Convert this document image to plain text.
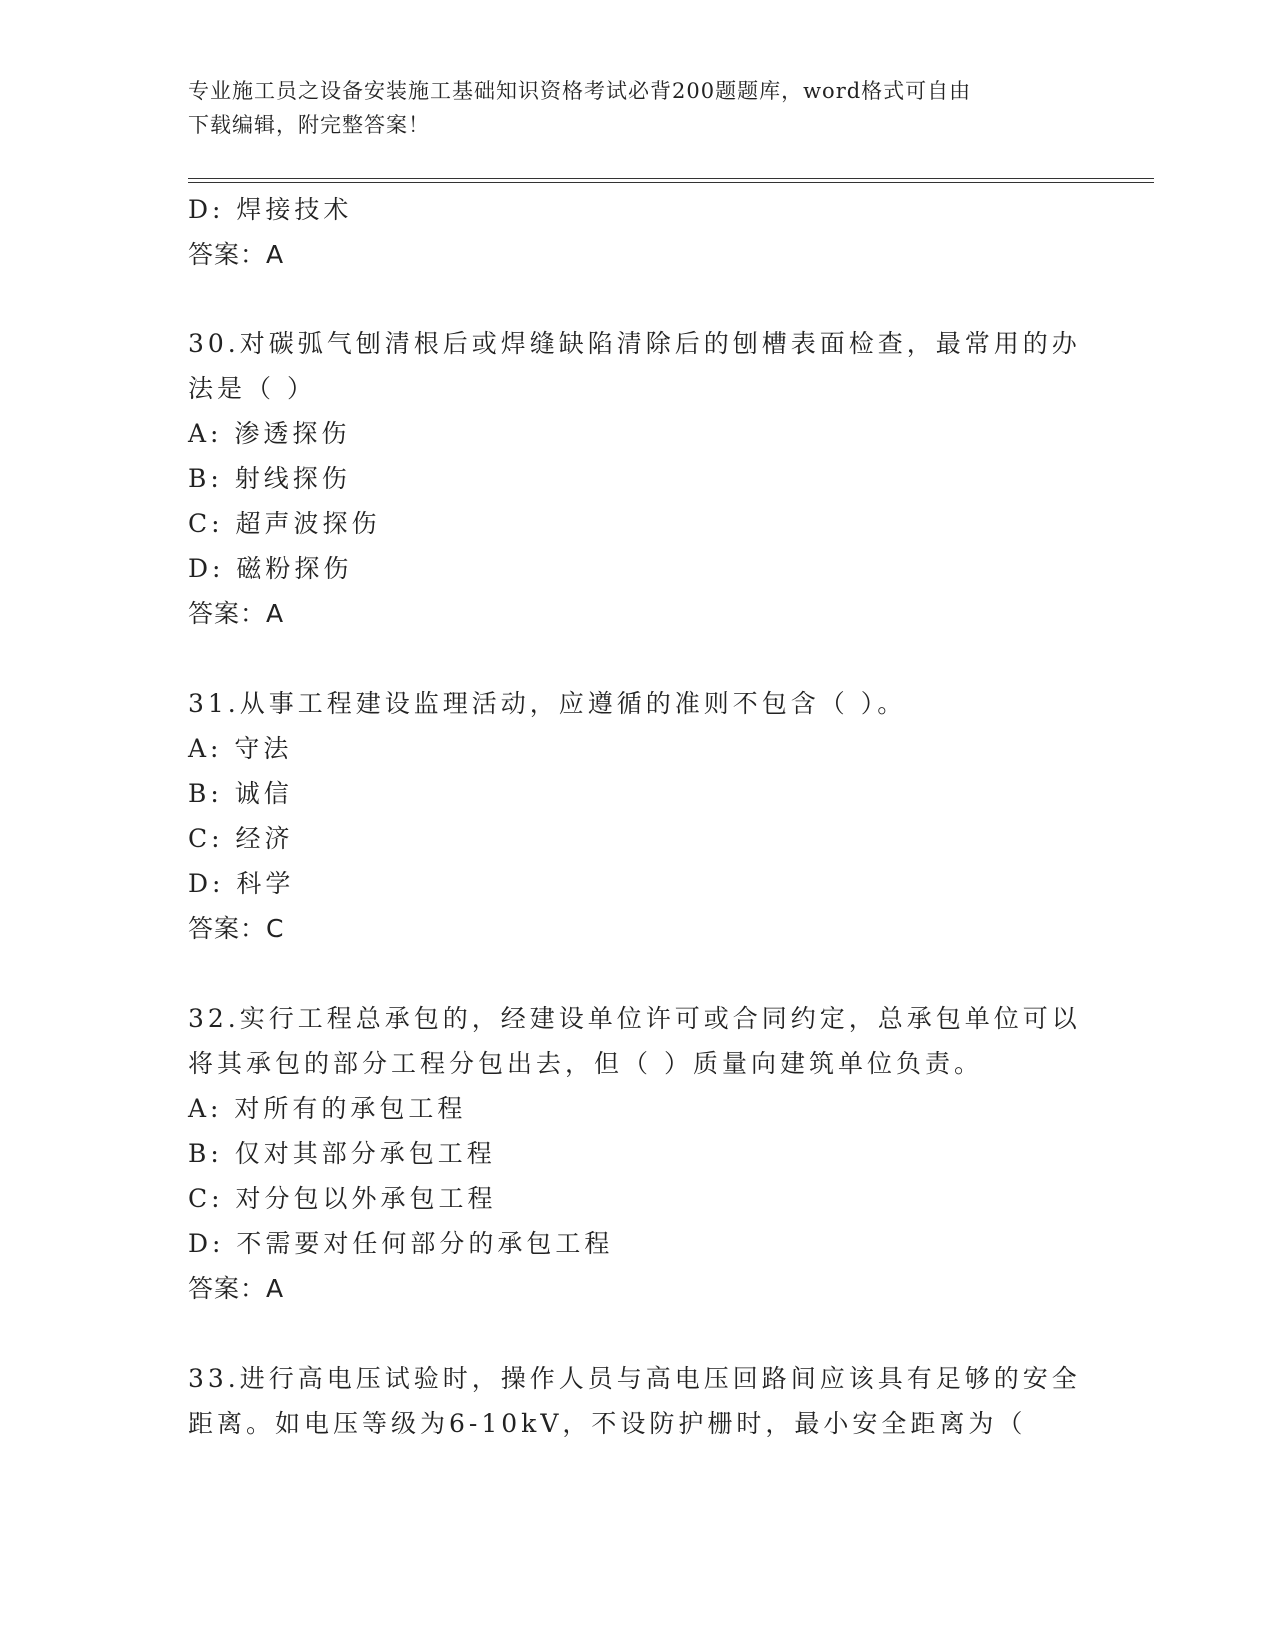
专业施工员之设备安装施工基础知识资格考试必背200题题库，word格式可自由
下载编辑，附完整答案！
D: 焊接技术
答案：A
30.对碳弧气刨清根后或焊缝缺陷清除后的刨槽表面检查，最常用的办
法是（ ）
A: 渗透探伤
B: 射线探伤
C: 超声波探伤
D: 磁粉探伤
答案：A
31.从事工程建设监理活动，应遵循的准则不包含（ ）。
A: 守法
B: 诚信
C: 经济
D: 科学
答案：C
32.实行工程总承包的，经建设单位许可或合同约定，总承包单位可以
将其承包的部分工程分包出去，但（ ）质量向建筑单位负责。
A: 对所有的承包工程
B: 仅对其部分承包工程
C: 对分包以外承包工程
D: 不需要对任何部分的承包工程
答案：A
33.进行高电压试验时，操作人员与高电压回路间应该具有足够的安全
距离。如电压等级为6-10kV，不设防护栅时，最小安全距离为（
